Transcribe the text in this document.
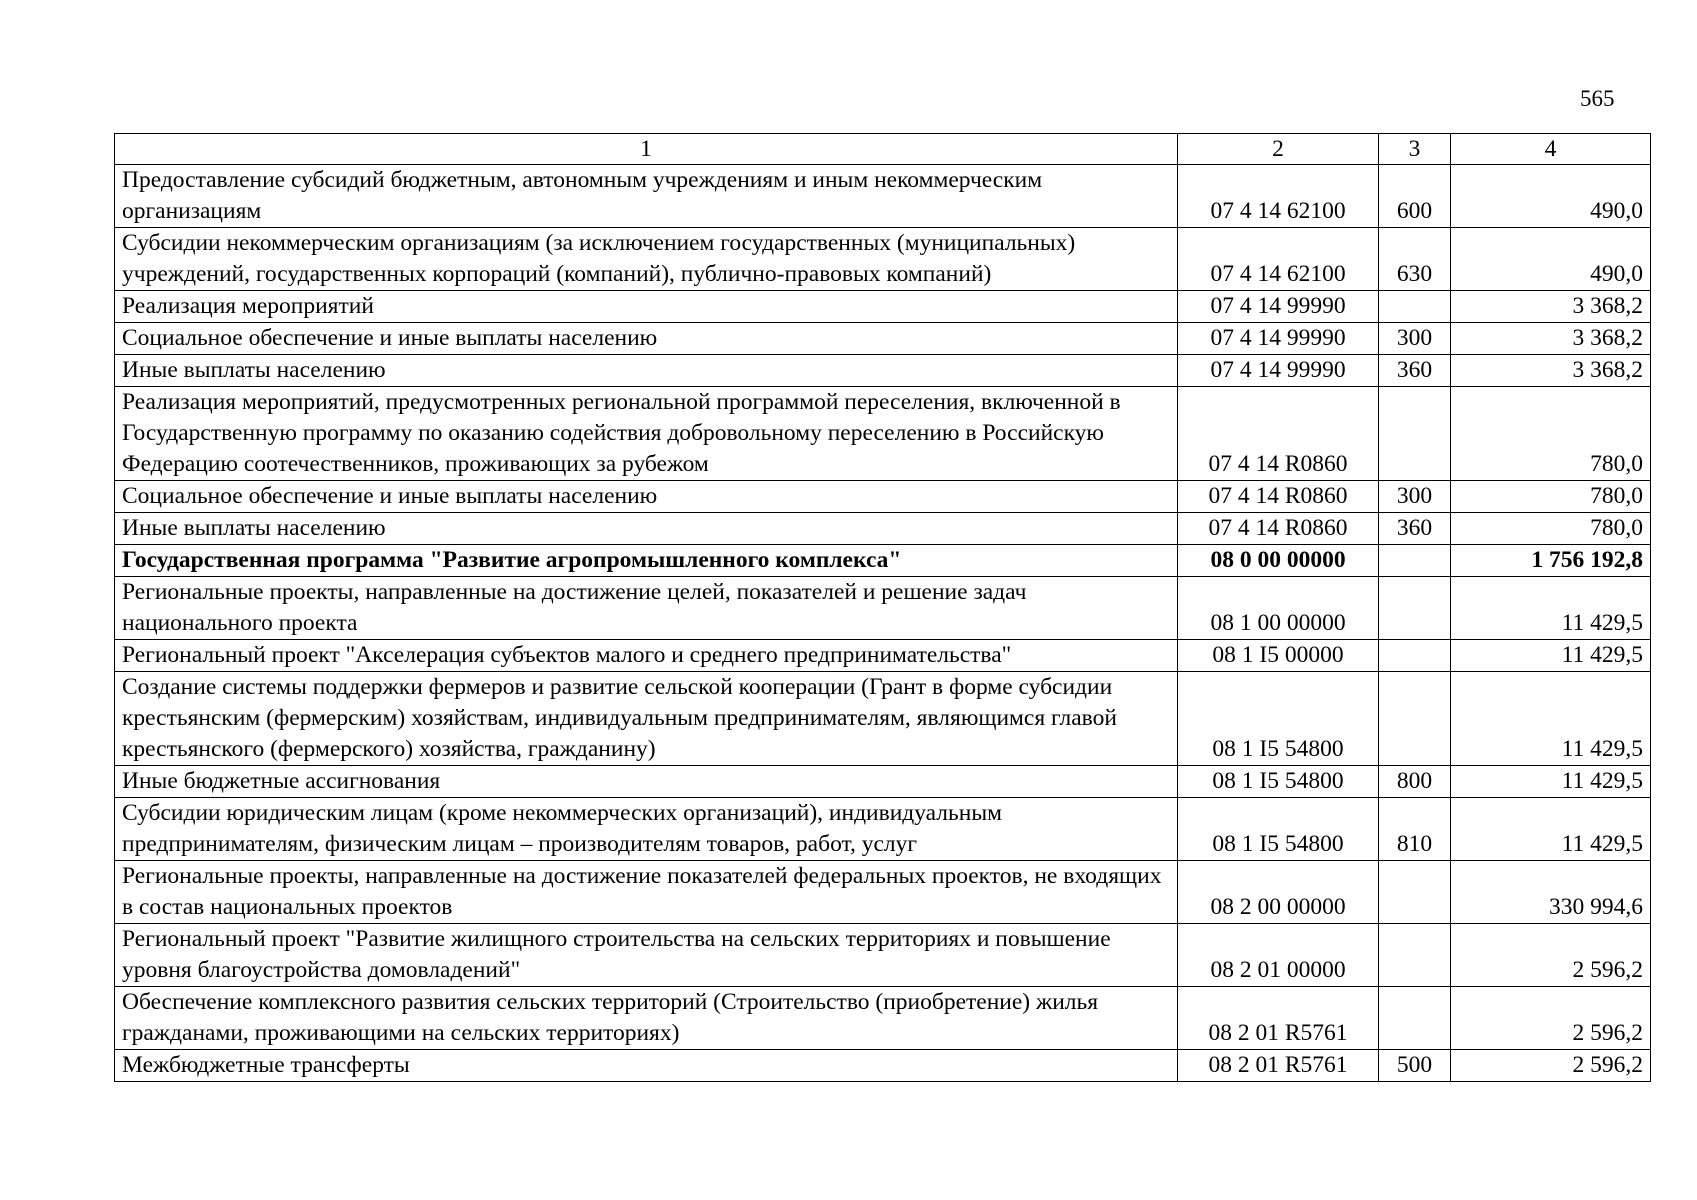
565
1	2	3	4
Предоставление субсидий бюджетным, автономным учреждениям и иным некоммерческим организациям	07 4 14 62100	600	490,0
Субсидии некоммерческим организациям (за исключением государственных (муниципальных) учреждений, государственных корпораций (компаний), публично-правовых компаний)	07 4 14 62100	630	490,0
Реализация мероприятий	07 4 14 99990		3 368,2
Социальное обеспечение и иные выплаты населению	07 4 14 99990	300	3 368,2
Иные выплаты населению	07 4 14 99990	360	3 368,2
Реализация мероприятий, предусмотренных региональной программой переселения, включенной в Государственную программу по оказанию содействия добровольному переселению в Российскую Федерацию соотечественников, проживающих за рубежом	07 4 14 R0860		780,0
Социальное обеспечение и иные выплаты населению	07 4 14 R0860	300	780,0
Иные выплаты населению	07 4 14 R0860	360	780,0
Государственная программа "Развитие агропромышленного комплекса"	08 0 00 00000		1 756 192,8
Региональные проекты, направленные на достижение целей, показателей и решение задач национального проекта	08 1 00 00000		11 429,5
Региональный проект "Акселерация субъектов малого и среднего предпринимательства"	08 1 I5 00000		11 429,5
Создание системы поддержки фермеров и развитие сельской кооперации (Грант в форме субсидии крестьянским (фермерским) хозяйствам, индивидуальным предпринимателям, являющимся главой крестьянского (фермерского) хозяйства, гражданину)	08 1 I5 54800		11 429,5
Иные бюджетные ассигнования	08 1 I5 54800	800	11 429,5
Субсидии юридическим лицам (кроме некоммерческих организаций), индивидуальным предпринимателям, физическим лицам – производителям товаров, работ, услуг	08 1 I5 54800	810	11 429,5
Региональные проекты, направленные на достижение показателей федеральных проектов, не входящих в состав национальных проектов	08 2 00 00000		330 994,6
Региональный проект "Развитие жилищного строительства на сельских территориях и повышение уровня благоустройства домовладений"	08 2 01 00000		2 596,2
Обеспечение комплексного развития сельских территорий (Строительство (приобретение) жилья гражданами, проживающими на сельских территориях)	08 2 01 R5761		2 596,2
Межбюджетные трансферты	08 2 01 R5761	500	2 596,2
